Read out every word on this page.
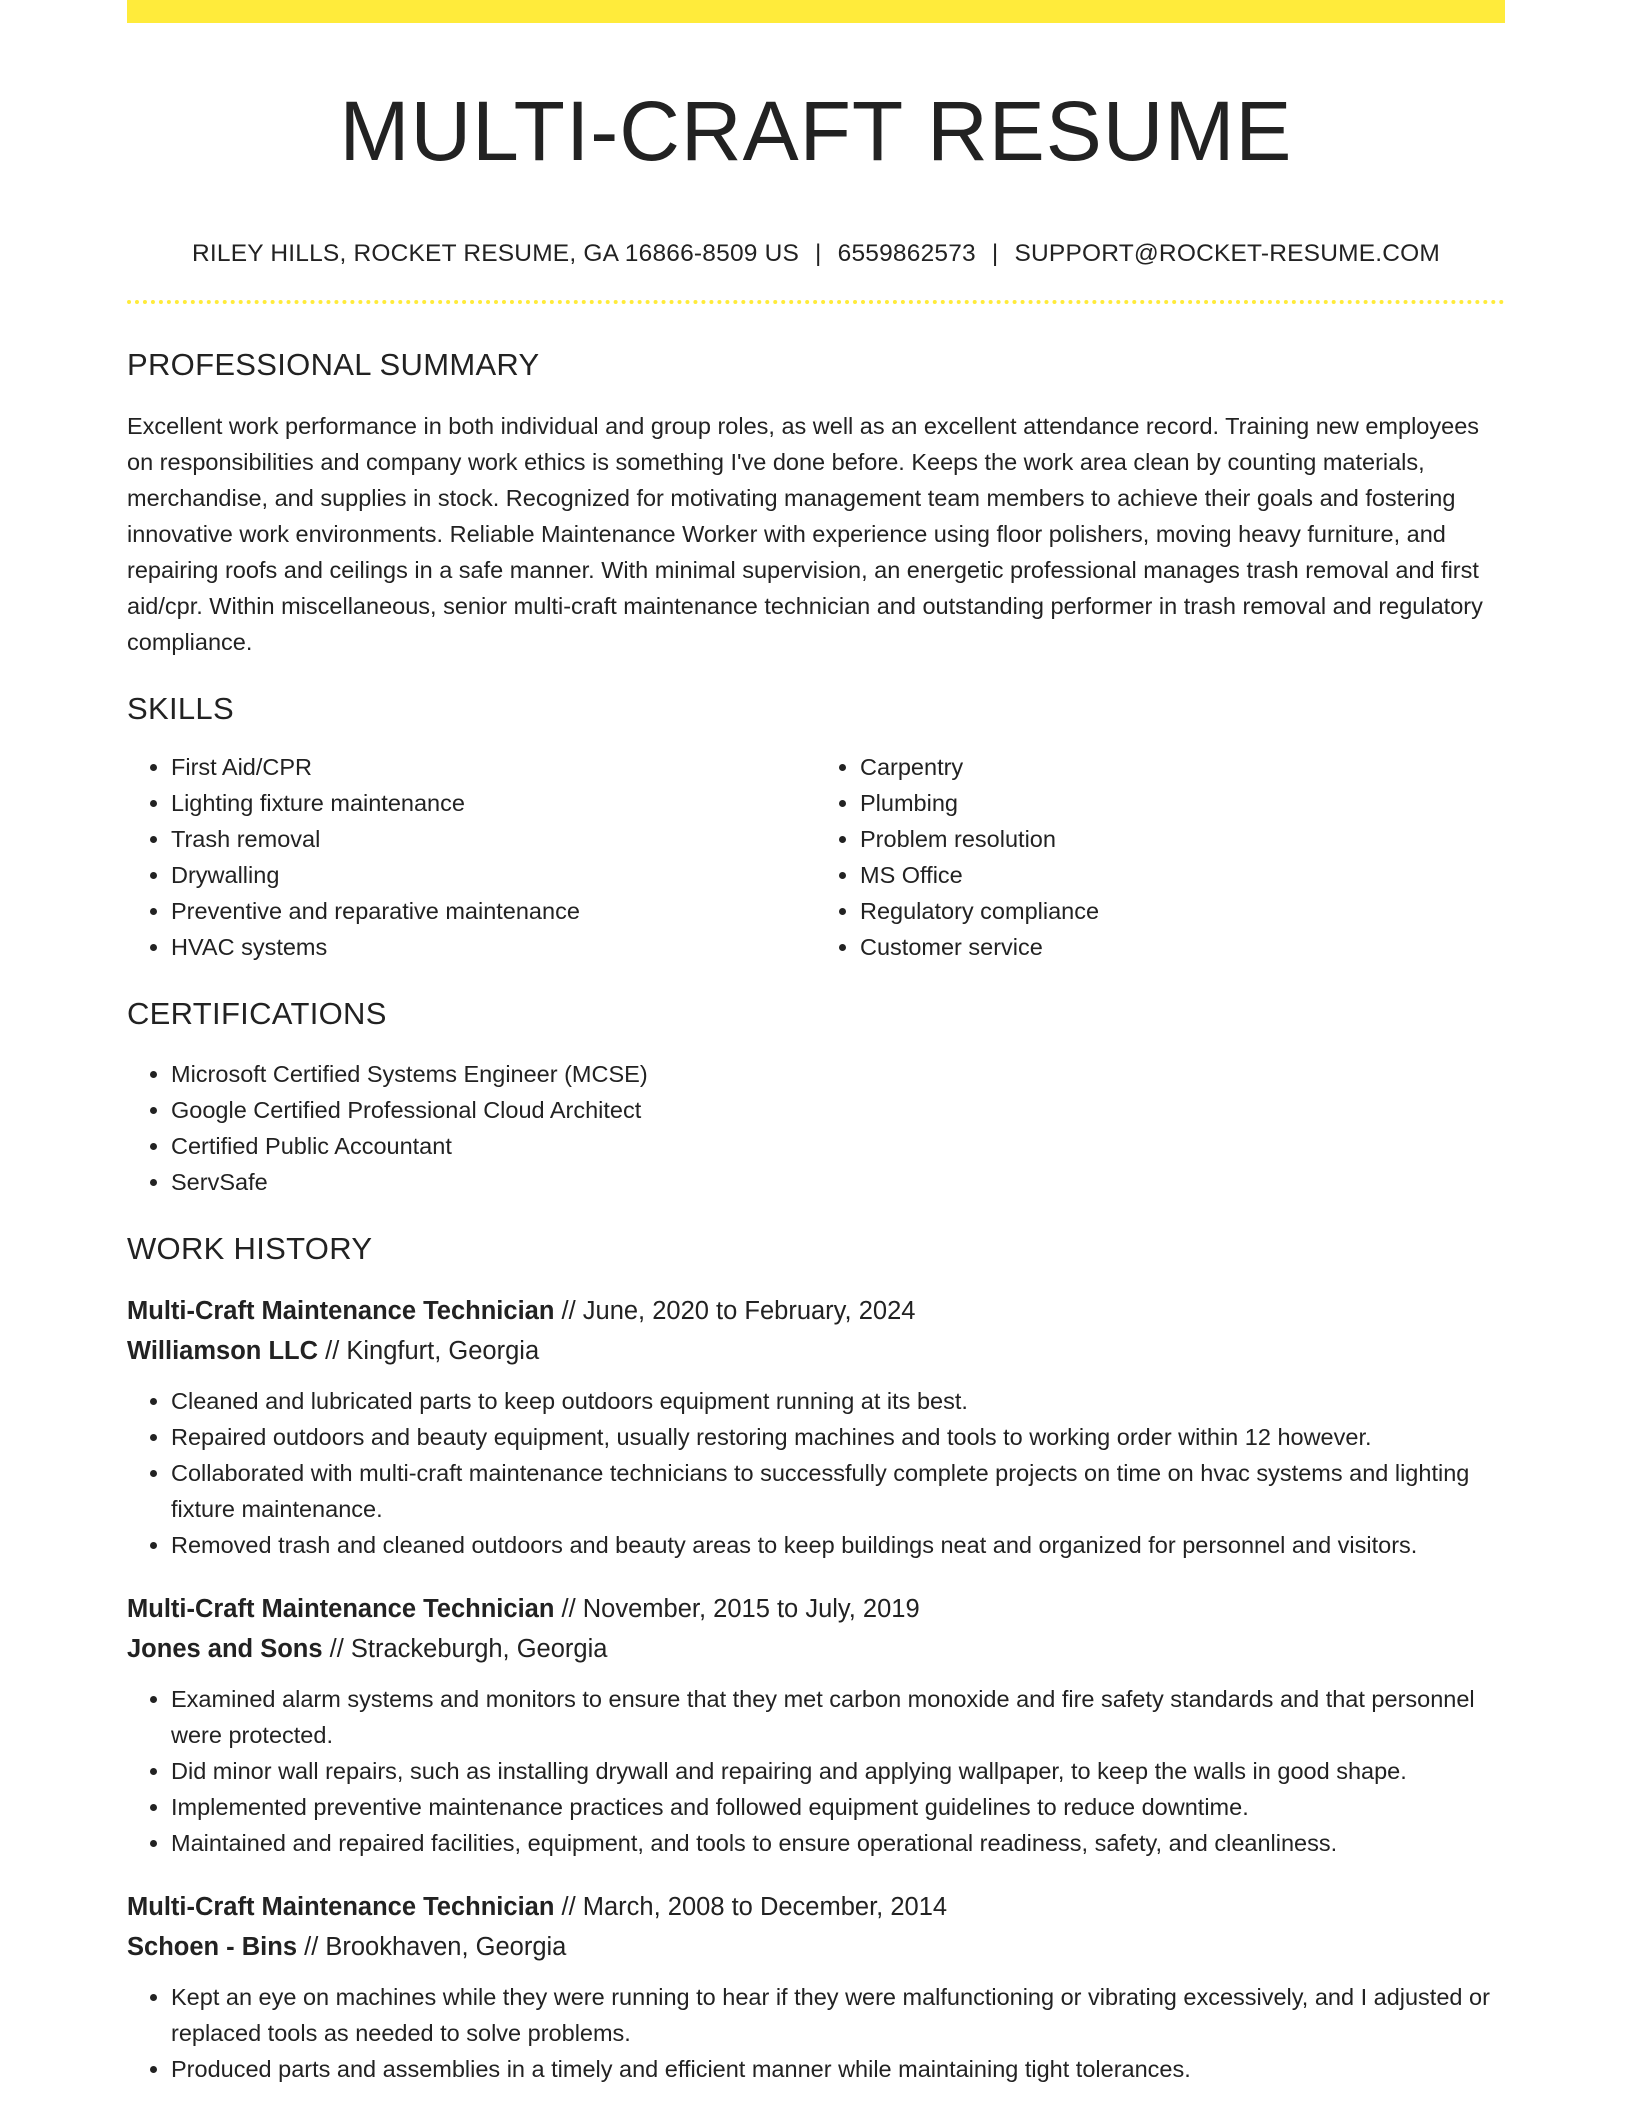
MULTI-CRAFT RESUME
RILEY HILLS, ROCKET RESUME, GA 16866-8509 US | 6559862573 | SUPPORT@ROCKET-RESUME.COM
PROFESSIONAL SUMMARY
Excellent work performance in both individual and group roles, as well as an excellent attendance record. Training new employees on responsibilities and company work ethics is something I've done before. Keeps the work area clean by counting materials, merchandise, and supplies in stock. Recognized for motivating management team members to achieve their goals and fostering innovative work environments. Reliable Maintenance Worker with experience using floor polishers, moving heavy furniture, and repairing roofs and ceilings in a safe manner. With minimal supervision, an energetic professional manages trash removal and first aid/cpr. Within miscellaneous, senior multi-craft maintenance technician and outstanding performer in trash removal and regulatory compliance.
SKILLS
• First Aid/CPR
• Lighting fixture maintenance
• Trash removal
• Drywalling
• Preventive and reparative maintenance
• HVAC systems
• Carpentry
• Plumbing
• Problem resolution
• MS Office
• Regulatory compliance
• Customer service
CERTIFICATIONS
• Microsoft Certified Systems Engineer (MCSE)
• Google Certified Professional Cloud Architect
• Certified Public Accountant
• ServSafe
WORK HISTORY
Multi-Craft Maintenance Technician // June, 2020 to February, 2024
Williamson LLC // Kingfurt, Georgia
• Cleaned and lubricated parts to keep outdoors equipment running at its best.
• Repaired outdoors and beauty equipment, usually restoring machines and tools to working order within 12 however.
• Collaborated with multi-craft maintenance technicians to successfully complete projects on time on hvac systems and lighting fixture maintenance.
• Removed trash and cleaned outdoors and beauty areas to keep buildings neat and organized for personnel and visitors.
Multi-Craft Maintenance Technician // November, 2015 to July, 2019
Jones and Sons // Strackeburgh, Georgia
• Examined alarm systems and monitors to ensure that they met carbon monoxide and fire safety standards and that personnel were protected.
• Did minor wall repairs, such as installing drywall and repairing and applying wallpaper, to keep the walls in good shape.
• Implemented preventive maintenance practices and followed equipment guidelines to reduce downtime.
• Maintained and repaired facilities, equipment, and tools to ensure operational readiness, safety, and cleanliness.
Multi-Craft Maintenance Technician // March, 2008 to December, 2014
Schoen - Bins // Brookhaven, Georgia
• Kept an eye on machines while they were running to hear if they were malfunctioning or vibrating excessively, and I adjusted or replaced tools as needed to solve problems.
• Produced parts and assemblies in a timely and efficient manner while maintaining tight tolerances.
